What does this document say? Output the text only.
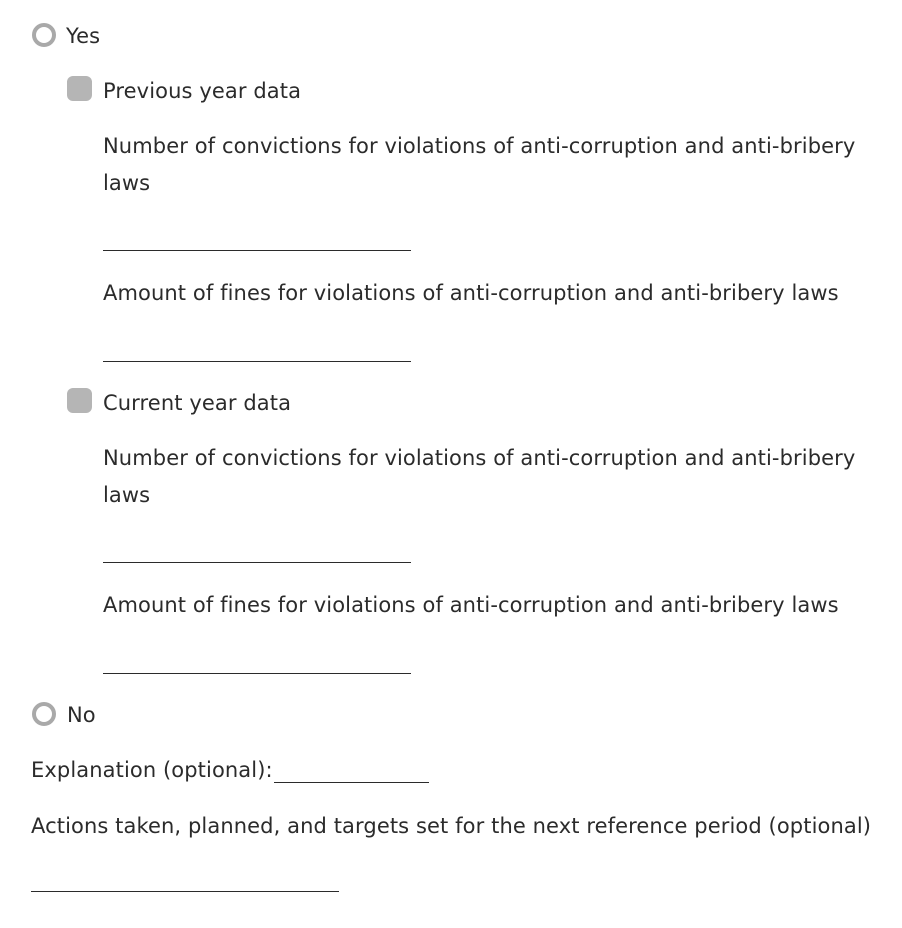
Yes
Previous year data
Number of convictions for violations of anti-corruption and anti-bribery laws
Amount of fines for violations of anti-corruption and anti-bribery laws
Current year data
Number of convictions for violations of anti-corruption and anti-bribery laws
Amount of fines for violations of anti-corruption and anti-bribery laws
No
Explanation (optional):
Actions taken, planned, and targets set for the next reference period (optional)
